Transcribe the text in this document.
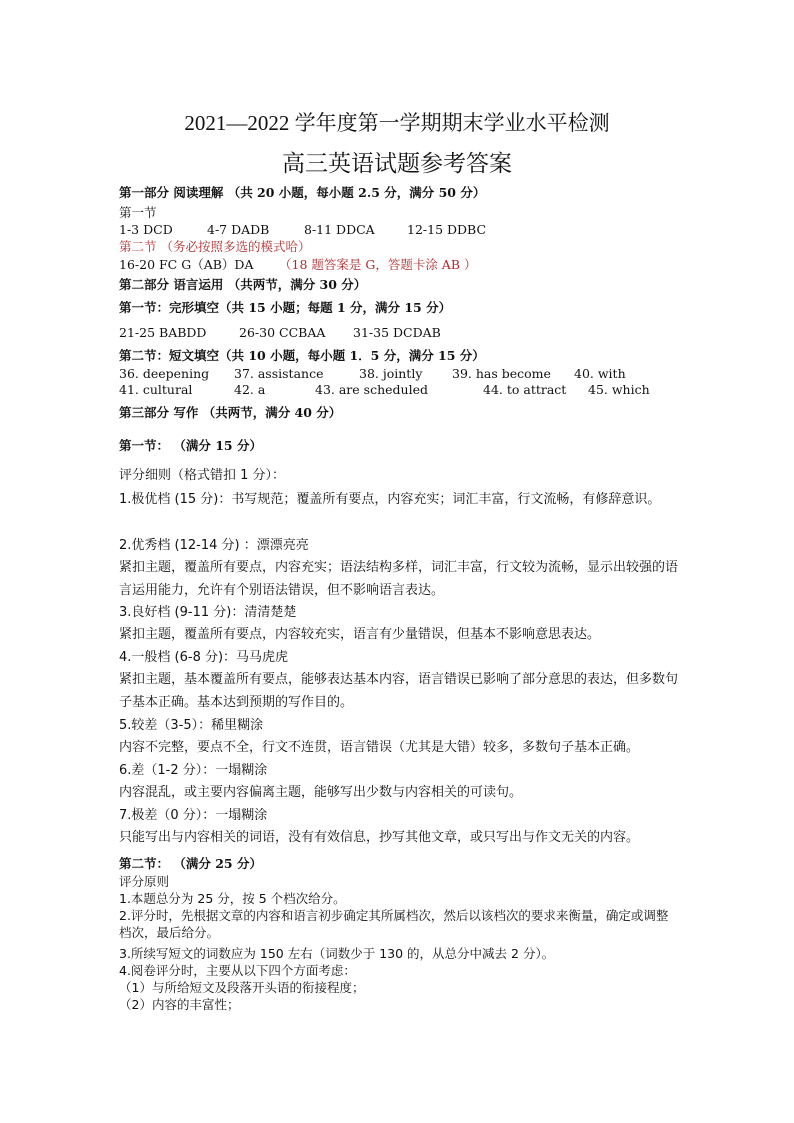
2021—2022 学年度第一学期期末学业水平检测
高三英语试题参考答案
第一部分 阅读理解 （共 20 小题，每小题 2.5 分，满分 50 分）
第一节
1-3 DCD	4-7 DADB	8-11 DDCA	12-15 DDBC
第二节 （务必按照多选的模式哈）
16-20 FC G（AB）DA （18 题答案是 G，答题卡涂 AB ）
第二部分 语言运用 （共两节，满分 30 分）
第一节：完形填空（共 15 小题；每题 1 分，满分 15 分）
21-25 BABDD	26-30 CCBAA 31-35 DCDAB
第二节：短文填空（共 10 小题，每小题 1．5 分，满分 15 分）
36. deepening 37. assistance	38. jointly 39. has become 40. with
41. cultural	42. a	43. are scheduled	44. to attract 45. which
第三部分 写作 （共两节，满分 40 分）
第一节： （满分 15 分）
评分细则（格式错扣 1 分）：
1.极优档 (15 分)：书写规范；覆盖所有要点，内容充实；词汇丰富，行文流畅，有修辞意识。
2.优秀档 (12-14 分) ：漂漂亮亮
紧扣主题，覆盖所有要点，内容充实；语法结构多样，词汇丰富，行文较为流畅，显示出较强的语言运用能力，允许有个别语法错误，但不影响语言表达。
3.良好档 (9-11 分)：清清楚楚
紧扣主题，覆盖所有要点，内容较充实，语言有少量错误，但基本不影响意思表达。
4.一般档 (6-8 分)：马马虎虎
紧扣主题，基本覆盖所有要点，能够表达基本内容，语言错误已影响了部分意思的表达，但多数句子基本正确。基本达到预期的写作目的。
5.较差（3-5）：稀里糊涂
内容不完整，要点不全，行文不连贯，语言错误（尤其是大错）较多，多数句子基本正确。
6.差（1-2 分）：一塌糊涂
内容混乱，或主要内容偏离主题，能够写出少数与内容相关的可读句。
7.极差（0 分）：一塌糊涂
只能写出与内容相关的词语，没有有效信息，抄写其他文章，或只写出与作文无关的内容。
第二节： （满分 25 分）
评分原则
1.本题总分为 25 分，按 5 个档次给分。
2.评分时，先根据文章的内容和语言初步确定其所属档次，然后以该档次的要求来衡量，确定或调整档次，最后给分。
3.所续写短文的词数应为 150 左右（词数少于 130 的，从总分中减去 2 分）。
4.阅卷评分时，主要从以下四个方面考虑：
（1）与所给短文及段落开头语的衔接程度；
（2）内容的丰富性；
